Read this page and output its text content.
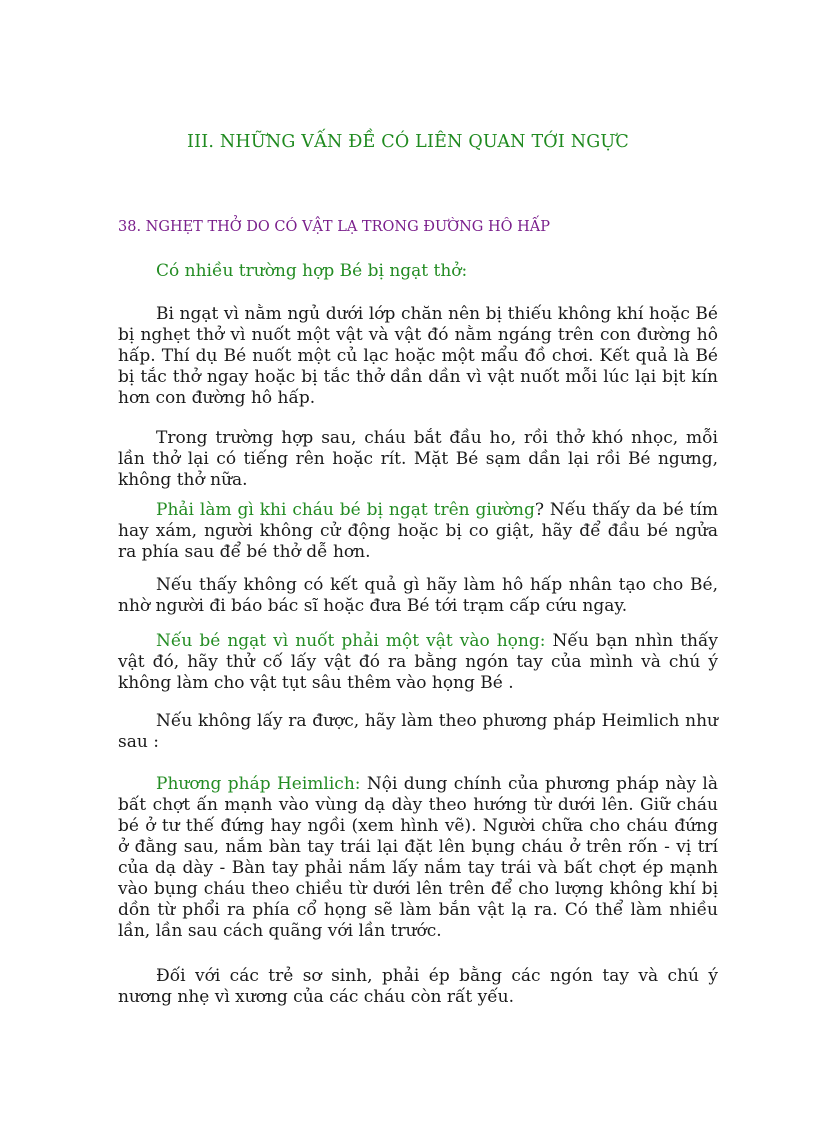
III. NHỮNG VẤN ĐỀ CÓ LIÊN QUAN TỚI NGỰC
38. NGHẸT THỞ DO CÓ VẬT LẠ TRONG ĐƯỜNG HÔ HẤP

Có nhiều trường hợp Bé bị ngạt thở:

Bi ngạt vì nằm ngủ dưới lớp chăn nên bị thiếu không khí hoặc Bé bị nghẹt thở vì nuốt một vật và vật đó nằm ngáng trên con đường hô hấp. Thí dụ Bé nuốt một củ lạc hoặc một mẩu đồ chơi. Kết quả là Bé bị tắc thở ngay hoặc bị tắc thở dần dần vì vật nuốt mỗi lúc lại bịt kín hơn con đường hô hấp.

Trong trường hợp sau, cháu bắt đầu ho, rồi thở khó nhọc, mỗi lần thở lại có tiếng rên hoặc rít. Mặt Bé sạm dần lại rồi Bé ngưng, không thở nữa.

Phải làm gì khi cháu bé bị ngạt trên giường? Nếu thấy da bé tím hay xám, người không cử động hoặc bị co giật, hãy để đầu bé ngửa ra phía sau để bé thở dễ hơn.

Nếu thấy không có kết quả gì hãy làm hô hấp nhân tạo cho Bé, nhờ người đi báo bác sĩ hoặc đưa Bé tới trạm cấp cứu ngay.

Nếu bé ngạt vì nuốt phải một vật vào họng: Nếu bạn nhìn thấy vật đó, hãy thử cố lấy vật đó ra bằng ngón tay của mình và chú ý không làm cho vật tụt sâu thêm vào họng Bé .

Nếu không lấy ra được, hãy làm theo phương pháp Heimlich như sau :

Phương pháp Heimlich: Nội dung chính của phương pháp này là bất chợt ấn mạnh vào vùng dạ dày theo hướng từ dưới lên. Giữ cháu bé ở tư thế đứng hay ngồi (xem hình vẽ). Người chữa cho cháu đứng ở đằng sau, nắm bàn tay trái lại đặt lên bụng cháu ở trên rốn - vị trí của dạ dày - Bàn tay phải nắm lấy nắm tay trái và bất chợt ép mạnh vào bụng cháu theo chiều từ dưới lên trên để cho lượng không khí bị dồn từ phổi ra phía cổ họng sẽ làm bắn vật lạ ra. Có thể làm nhiều lần, lần sau cách quãng với lần trước.

Đối với các trẻ sơ sinh, phải ép bằng các ngón tay và chú ý nương nhẹ vì xương của các cháu còn rất yếu.
